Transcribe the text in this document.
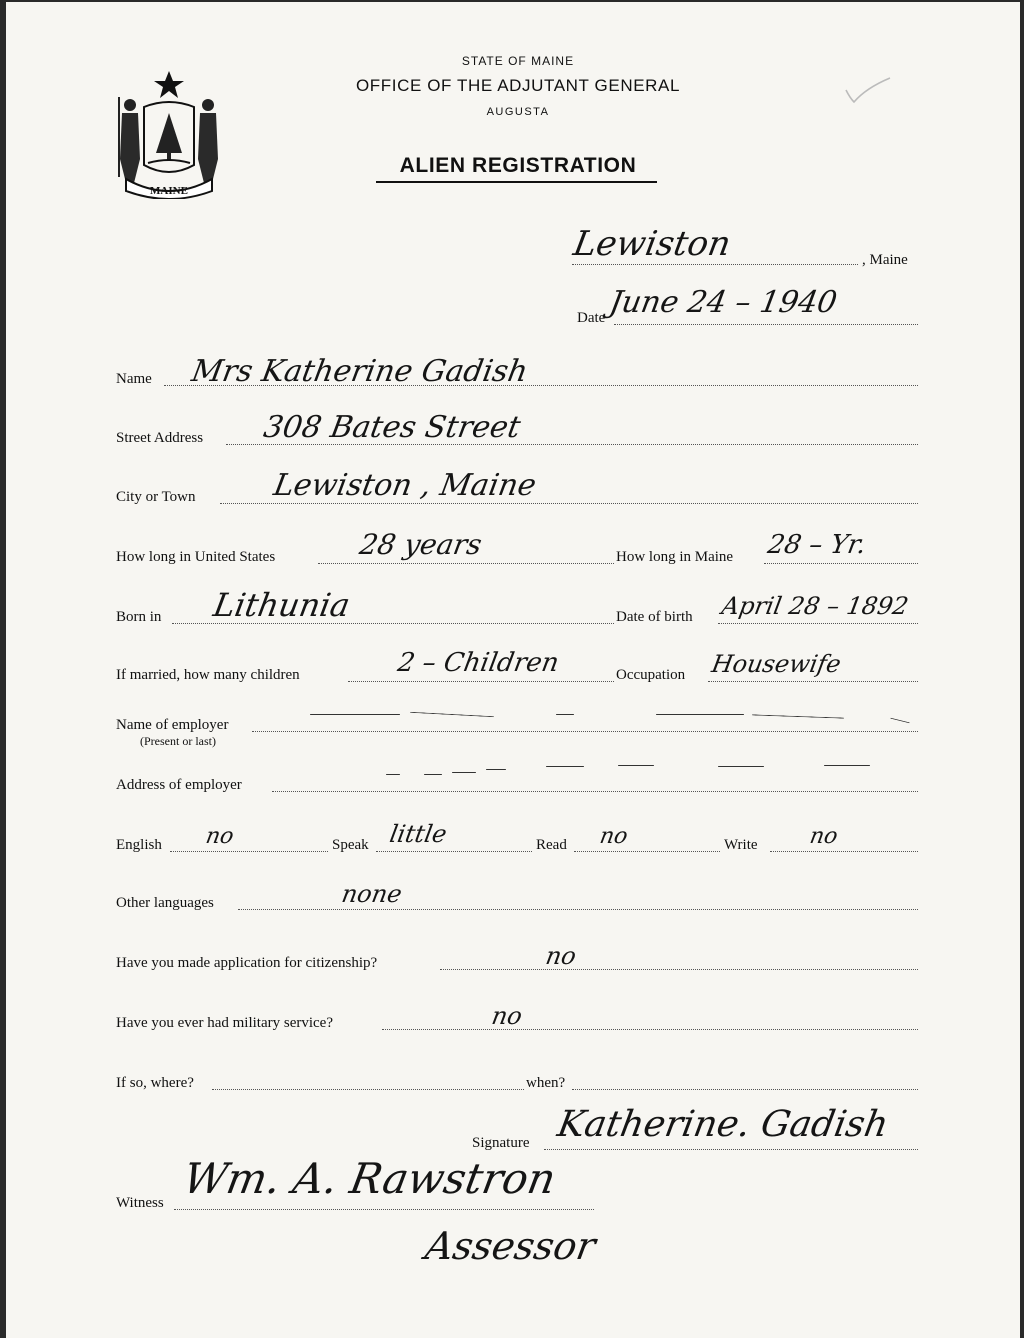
MAINE
STATE OF MAINE
OFFICE OF THE ADJUTANT GENERAL
AUGUSTA
ALIEN REGISTRATION
Lewiston	, Maine
Date June 24 – 1940
Name Mrs Katherine Gadish
Street Address 308 Bates Street
City or Town	Lewiston , Maine
How long in United States	28 years	How long in Maine 28 – Yr.
Born in Lithunia	Date of birth April 28 – 1892
If married, how many children	2 – Children	Occupation Housewife
Name of employer
(Present or last)
Address of employer
English no	Speak little	Read no	Write no
Other languages	none
Have you made application for citizenship?	no
Have you ever had military service?	no
If so, where?	when?
Signature Katherine. Gadish
Witness Wm. A. Rawstron
Assessor
